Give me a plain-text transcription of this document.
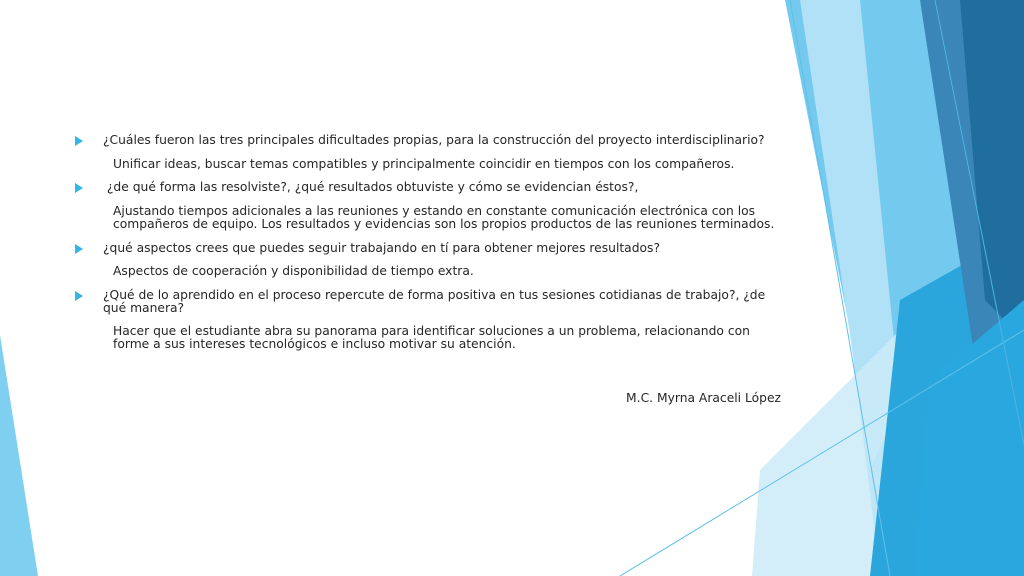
¿Cuáles fueron las tres principales dificultades propias, para la construcción del proyecto interdisciplinario?

Unificar ideas, buscar temas compatibles y principalmente coincidir en tiempos con los compañeros.

¿de qué forma las resolviste?, ¿qué resultados obtuviste y cómo se evidencian éstos?,

Ajustando tiempos adicionales a las reuniones y estando en constante comunicación electrónica con los compañeros de equipo. Los resultados y evidencias son los propios productos de las reuniones terminados.

¿qué aspectos crees que puedes seguir trabajando en tí para obtener mejores resultados?

Aspectos de cooperación y disponibilidad de tiempo extra.

¿Qué de lo aprendido en el proceso repercute de forma positiva en tus sesiones cotidianas de trabajo?, ¿de qué manera?

Hacer que el estudiante abra su panorama para identificar soluciones a un problema, relacionando con forme a sus intereses tecnológicos e incluso motivar su atención.

M.C. Myrna Araceli López
